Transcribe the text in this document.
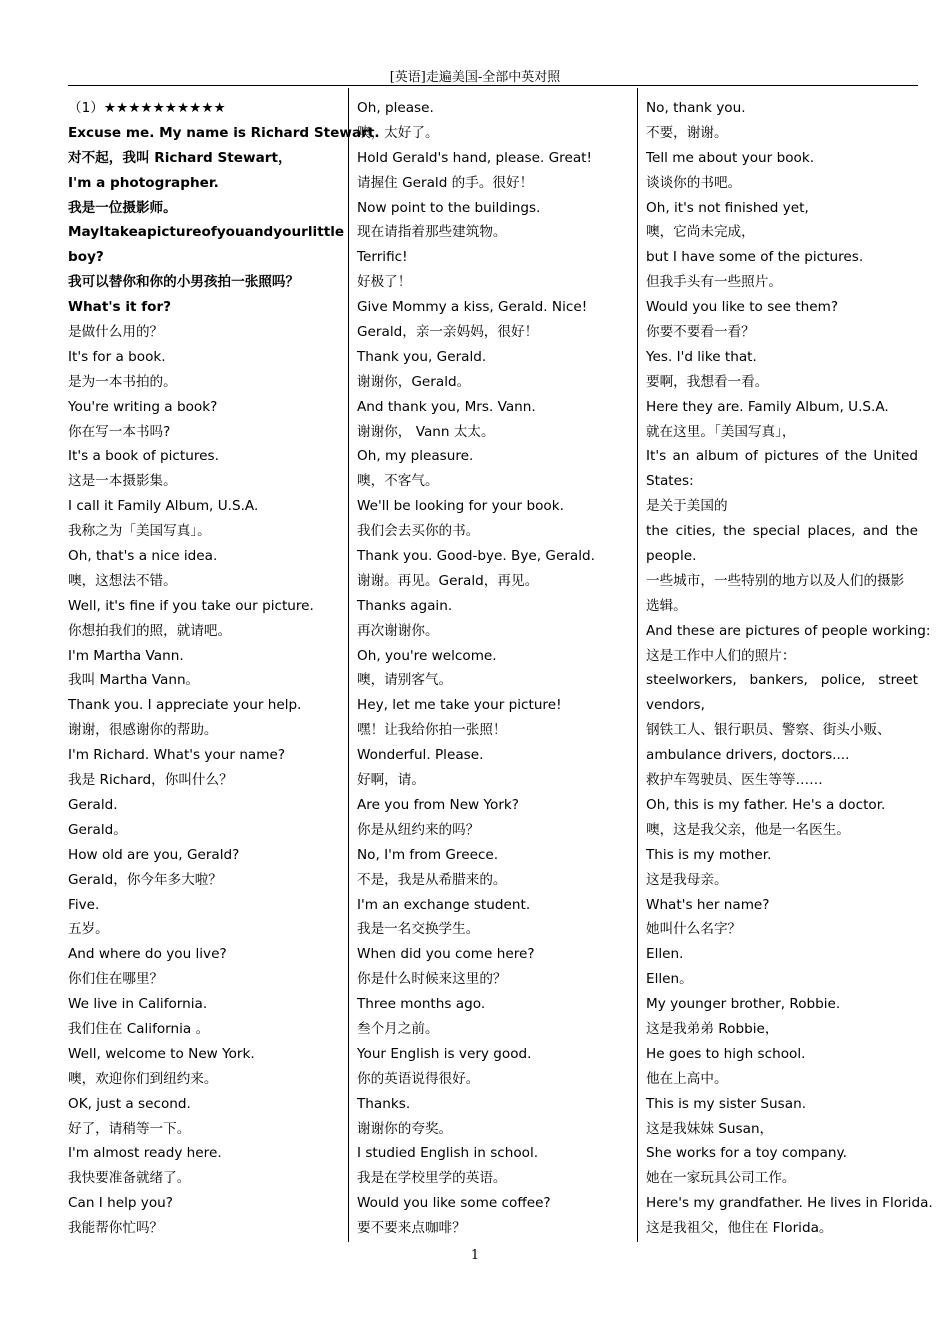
[英语]走遍美国-全部中英对照
（1）★★★★★★★★★★
Excuse me. My name is Richard Stewart.
对不起，我叫 Richard Stewart，
I'm a photographer.
我是一位摄影师。
May I take a picture of you and your little
boy?
我可以替你和你的小男孩拍一张照吗？
What's it for?
是做什么用的？
It's for a book.
是为一本书拍的。
You're writing a book?
你在写一本书吗?
It's a book of pictures.
这是一本摄影集。
I call it Family Album, U.S.A.
我称之为「美国写真」。
Oh, that's a nice idea.
噢，这想法不错。
Well, it's fine if you take our picture.
你想拍我们的照，就请吧。
I'm Martha Vann.
我叫 Martha Vann。
Thank you. I appreciate your help.
谢谢，很感谢你的帮助。
I'm Richard. What's your name?
我是 Richard，你叫什么？
Gerald.
Gerald。
How old are you, Gerald?
Gerald，你今年多大啦？
Five.
五岁。
And where do you live?
你们住在哪里？
We live in California.
我们住在 California 。
Well, welcome to New York.
噢，欢迎你们到纽约来。
OK, just a second.
好了，请稍等一下。
I'm almost ready here.
我快要准备就绪了。
Can I help you?
我能帮你忙吗？
Oh, please.
噢，太好了。
Hold Gerald's hand, please. Great!
请握住 Gerald 的手。很好！
Now point to the buildings.
现在请指着那些建筑物。
Terrific!
好极了！
Give Mommy a kiss, Gerald. Nice!
Gerald，亲一亲妈妈，很好！
Thank you, Gerald.
谢谢你，Gerald。
And thank you, Mrs. Vann.
谢谢你， Vann 太太。
Oh, my pleasure.
噢，不客气。
We'll be looking for your book.
我们会去买你的书。
Thank you. Good-bye. Bye, Gerald.
谢谢。再见。Gerald，再见。
Thanks again.
再次谢谢你。
Oh, you're welcome.
噢，请别客气。
Hey, let me take your picture!
嘿！让我给你拍一张照！
Wonderful. Please.
好啊，请。
Are you from New York?
你是从纽约来的吗？
No, I'm from Greece.
不是，我是从希腊来的。
I'm an exchange student.
我是一名交换学生。
When did you come here?
你是什么时候来这里的？
Three months ago.
叁个月之前。
Your English is very good.
你的英语说得很好。
Thanks.
谢谢你的夸奖。
I studied English in school.
我是在学校里学的英语。
Would you like some coffee?
要不要来点咖啡？
No, thank you.
不要，谢谢。
Tell me about your book.
谈谈你的书吧。
Oh, it's not finished yet,
噢，它尚未完成，
but I have some of the pictures.
但我手头有一些照片。
Would you like to see them?
你要不要看一看？
Yes. I'd like that.
要啊，我想看一看。
Here they are. Family Album, U.S.A.
就在这里。「美国写真」，
It's an album of pictures of the United
States:
是关于美国的
the cities, the special places, and the
people.
一些城市，一些特别的地方以及人们的摄影
选辑。
And these are pictures of people working:
这是工作中人们的照片：
steelworkers, bankers, police, street
vendors,
钢铁工人、银行职员、警察、街头小贩、
ambulance drivers, doctors....
救护车驾驶员、医生等等……
Oh, this is my father. He's a doctor.
噢，这是我父亲，他是一名医生。
This is my mother.
这是我母亲。
What's her name?
她叫什么名字？
Ellen.
Ellen。
My younger brother, Robbie.
这是我弟弟 Robbie，
He goes to high school.
他在上高中。
This is my sister Susan.
这是我妹妹 Susan，
She works for a toy company.
她在一家玩具公司工作。
Here's my grandfather. He lives in Florida.
这是我祖父，他住在 Florida。
1
